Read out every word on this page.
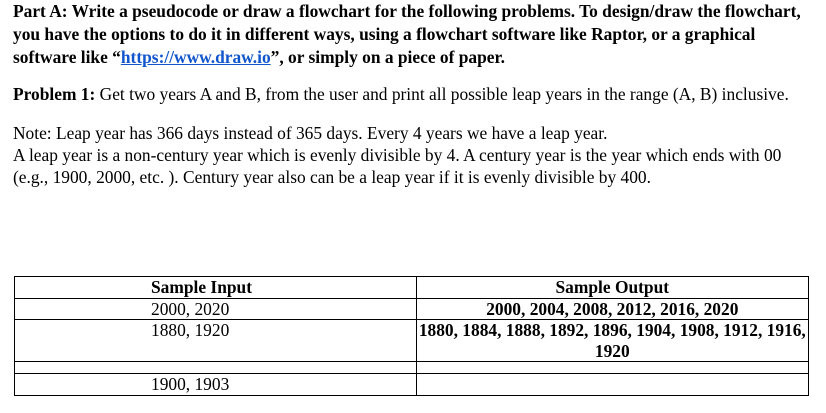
Part A: Write a pseudocode or draw a flowchart for the following problems. To design/draw the flowchart, you have the options to do it in different ways, using a flowchart software like Raptor, or a graphical software like “https://www.draw.io”, or simply on a piece of paper.

Problem 1: Get two years A and B, from the user and print all possible leap years in the range (A, B) inclusive.

Note: Leap year has 366 days instead of 365 days. Every 4 years we have a leap year.
A leap year is a non-century year which is evenly divisible by 4. A century year is the year which ends with 00 (e.g., 1900, 2000, etc. ). Century year also can be a leap year if it is evenly divisible by 400.
Sample Input	Sample Output
2000, 2020	2000, 2004, 2008, 2012, 2016, 2020
1880, 1920	1880, 1884, 1888, 1892, 1896, 1904, 1908, 1912, 1916, 1920

1900, 1903	
